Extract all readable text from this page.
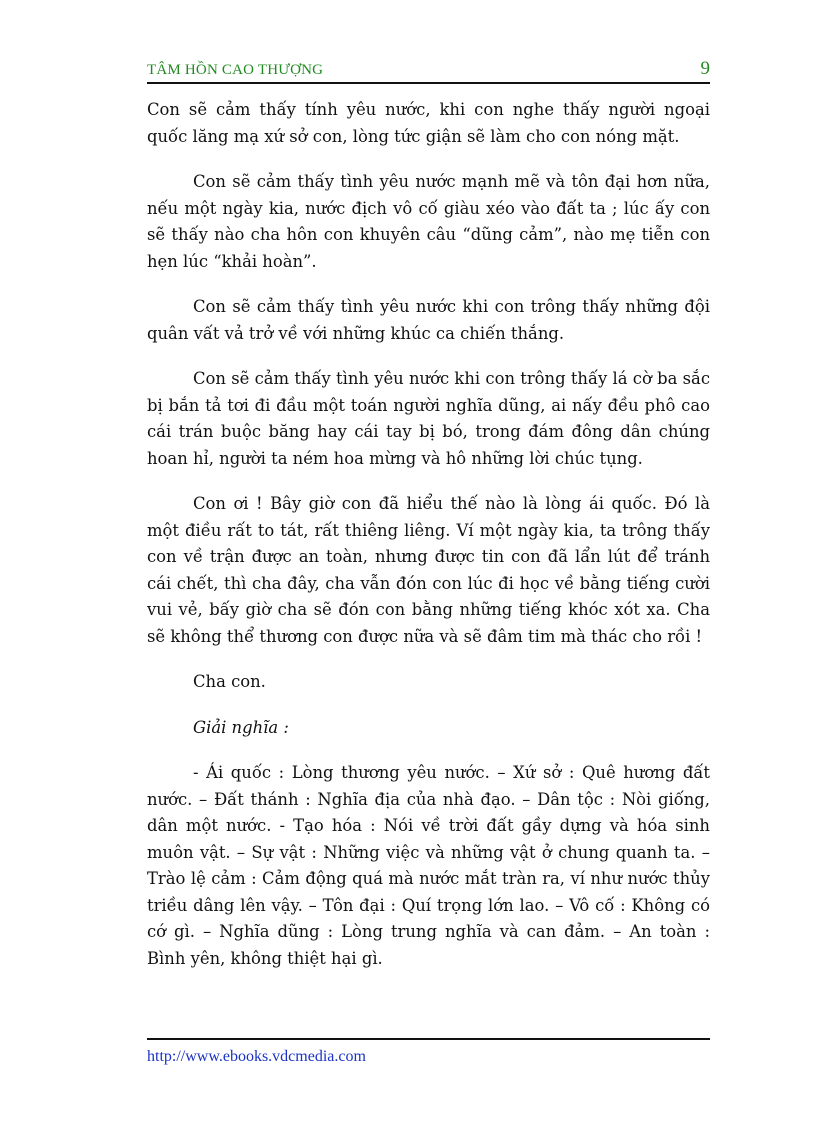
TÂM HỒN CAO THƯỢNG	9

Con sẽ cảm thấy tính yêu nước, khi con nghe thấy người ngoại quốc lăng mạ xứ sở con, lòng tức giận sẽ làm cho con nóng mặt.

Con sẽ cảm thấy tình yêu nước mạnh mẽ và tôn đại hơn nữa, nếu một ngày kia, nước địch vô cố giàu xéo vào đất ta ; lúc ấy con sẽ thấy nào cha hôn con khuyên câu “dũng cảm”, nào mẹ tiễn con hẹn lúc “khải hoàn”.

Con sẽ cảm thấy tình yêu nước khi con trông thấy những đội quân vất vả trở về với những khúc ca chiến thắng.

Con sẽ cảm thấy tình yêu nước khi con trông thấy lá cờ ba sắc bị bắn tả tơi đi đầu một toán người nghĩa dũng, ai nấy đều phô cao cái trán buộc băng hay cái tay bị bó, trong đám đông dân chúng hoan hỉ, người ta ném hoa mừng và hô những lời chúc tụng.

Con ơi ! Bây giờ con đã hiểu thế nào là lòng ái quốc. Đó là một điều rất to tát, rất thiêng liêng. Ví một ngày kia, ta trông thấy con về trận được an toàn, nhưng được tin con đã lẩn lút để tránh cái chết, thì cha đây, cha vẫn đón con lúc đi học về bằng tiếng cười vui vẻ, bấy giờ cha sẽ đón con bằng những tiếng khóc xót xa. Cha sẽ không thể thương con được nữa và sẽ đâm tim mà thác cho rồi !

Cha con.

Giải nghĩa :

- Ái quốc : Lòng thương yêu nước. – Xứ sở : Quê hương đất nước. – Đất thánh : Nghĩa địa của nhà đạo. – Dân tộc : Nòi giống, dân một nước. - Tạo hóa : Nói về trời đất gầy dựng và hóa sinh muôn vật. – Sự vật : Những việc và những vật ở chung quanh ta. – Trào lệ cảm : Cảm động quá mà nước mắt tràn ra, ví như nước thủy triều dâng lên vậy. – Tôn đại : Quí trọng lớn lao. – Vô cố : Không có cớ gì. – Nghĩa dũng : Lòng trung nghĩa và can đảm. – An toàn : Bình yên, không thiệt hại gì.

http://www.ebooks.vdcmedia.com
